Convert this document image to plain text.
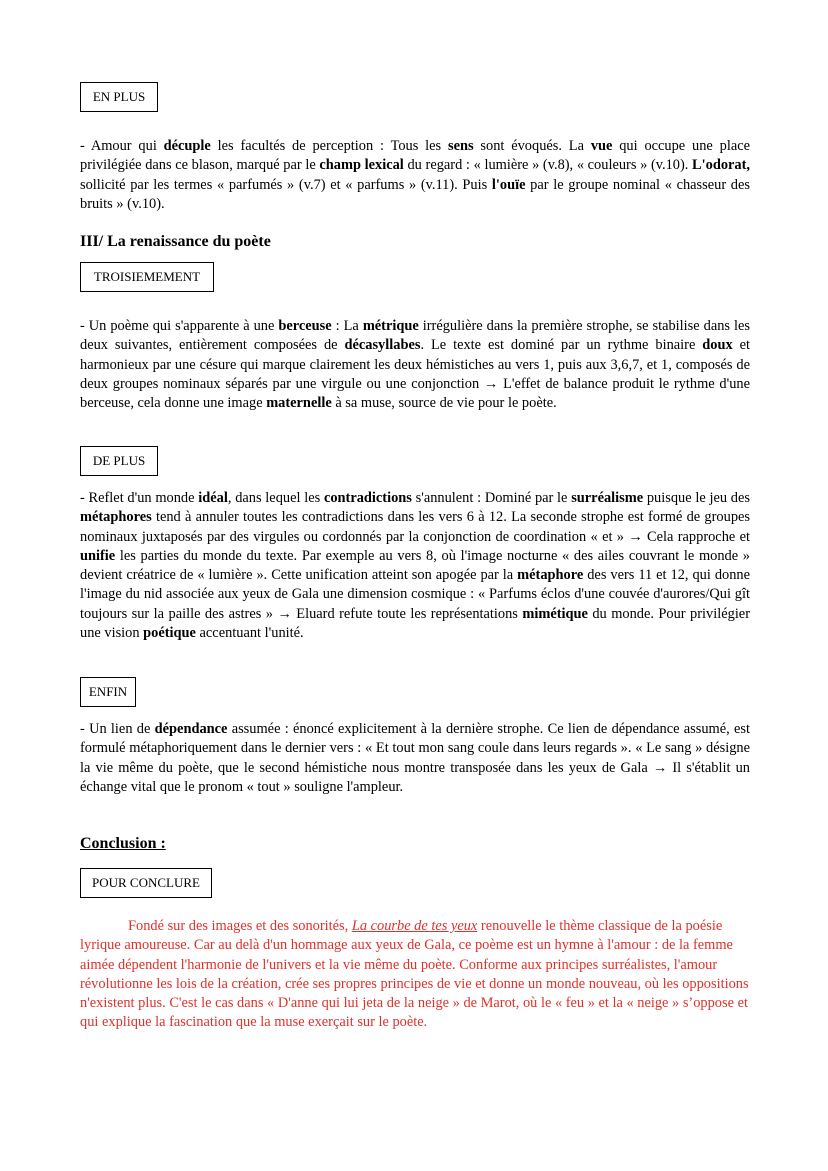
EN PLUS
- Amour qui décuple les facultés de perception : Tous les sens sont évoqués. La vue qui occupe une place privilégiée dans ce blason, marqué par le champ lexical du regard : « lumière » (v.8), « couleurs » (v.10). L'odorat, sollicité par les termes « parfumés » (v.7) et « parfums » (v.11). Puis l'ouïe par le groupe nominal « chasseur des bruits » (v.10).
III/ La renaissance du poète
TROISIEMEMENT
- Un poème qui s'apparente à une berceuse : La métrique irrégulière dans la première strophe, se stabilise dans les deux suivantes, entièrement composées de décasyllabes. Le texte est dominé par un rythme binaire doux et harmonieux par une césure qui marque clairement les deux hémistiches au vers 1, puis aux 3,6,7, et 1, composés de deux groupes nominaux séparés par une virgule ou une conjonction → L'effet de balance produit le rythme d'une berceuse, cela donne une image maternelle à sa muse, source de vie pour le poète.
DE PLUS
- Reflet d'un monde idéal, dans lequel les contradictions s'annulent : Dominé par le surréalisme puisque le jeu des métaphores tend à annuler toutes les contradictions dans les vers 6 à 12. La seconde strophe est formé de groupes nominaux juxtaposés par des virgules ou cordonnés par la conjonction de coordination « et » → Cela rapproche et unifie les parties du monde du texte. Par exemple au vers 8, où l'image nocturne « des ailes couvrant le monde » devient créatrice de « lumière ». Cette unification atteint son apogée par la métaphore des vers 11 et 12, qui donne l'image du nid associée aux yeux de Gala une dimension cosmique : « Parfums éclos d'une couvée d'aurores/Qui gît toujours sur la paille des astres » → Eluard refute toute les représentations mimétique du monde. Pour privilégier une vision poétique accentuant l'unité.
ENFIN
- Un lien de dépendance assumée : énoncé explicitement à la dernière strophe. Ce lien de dépendance assumé, est formulé métaphoriquement dans le dernier vers : « Et tout mon sang coule dans leurs regards ». « Le sang » désigne la vie même du poète, que le second hémistiche nous montre transposée dans les yeux de Gala → Il s'établit un échange vital que le pronom « tout » souligne l'ampleur.
Conclusion :
POUR CONCLURE
Fondé sur des images et des sonorités, La courbe de tes yeux renouvelle le thème classique de la poésie lyrique amoureuse. Car au delà d'un hommage aux yeux de Gala, ce poème est un hymne à l'amour : de la femme aimée dépendent l'harmonie de l'univers et la vie même du poète. Conforme aux principes surréalistes, l'amour révolutionne les lois de la création, crée ses propres principes de vie et donne un monde nouveau, où les oppositions n'existent plus. C'est le cas dans « D'anne qui lui jeta de la neige » de Marot, où le « feu » et la « neige » s’oppose et qui explique la fascination que la muse exerçait sur le poète.
